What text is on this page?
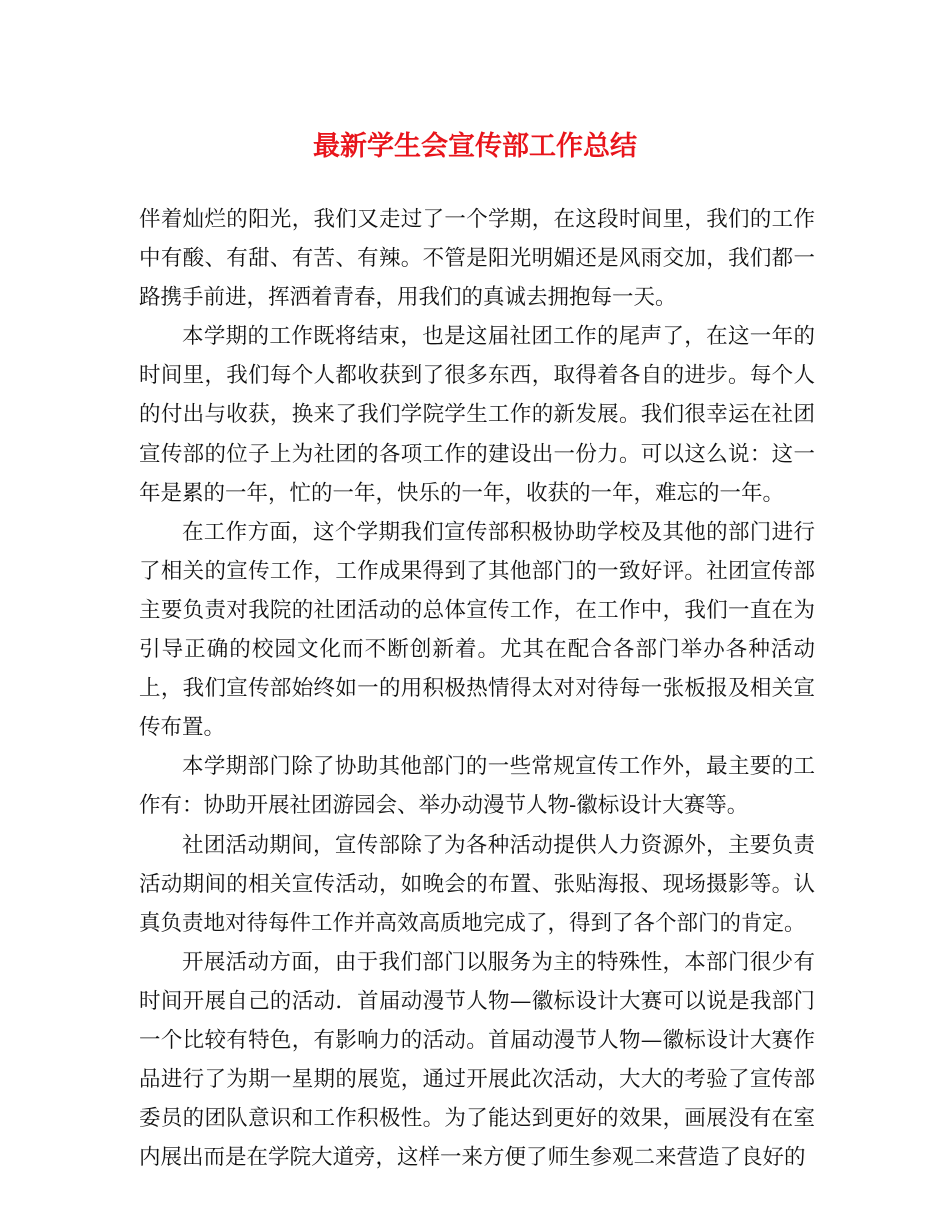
最新学生会宣传部工作总结

伴着灿烂的阳光，我们又走过了一个学期，在这段时间里，我们的工作中有酸、有甜、有苦、有辣。不管是阳光明媚还是风雨交加，我们都一路携手前进，挥洒着青春，用我们的真诚去拥抱每一天。

本学期的工作既将结束，也是这届社团工作的尾声了，在这一年的时间里，我们每个人都收获到了很多东西，取得着各自的进步。每个人的付出与收获，换来了我们学院学生工作的新发展。我们很幸运在社团宣传部的位子上为社团的各项工作的建设出一份力。可以这么说：这一年是累的一年，忙的一年，快乐的一年，收获的一年，难忘的一年。

在工作方面，这个学期我们宣传部积极协助学校及其他的部门进行了相关的宣传工作，工作成果得到了其他部门的一致好评。社团宣传部主要负责对我院的社团活动的总体宣传工作，在工作中，我们一直在为引导正确的校园文化而不断创新着。尤其在配合各部门举办各种活动上，我们宣传部始终如一的用积极热情得太对对待每一张板报及相关宣传布置。

本学期部门除了协助其他部门的一些常规宣传工作外，最主要的工作有：协助开展社团游园会、举办动漫节人物-徽标设计大赛等。

社团活动期间，宣传部除了为各种活动提供人力资源外，主要负责活动期间的相关宣传活动，如晚会的布置、张贴海报、现场摄影等。认真负责地对待每件工作并高效高质地完成了，得到了各个部门的肯定。

开展活动方面，由于我们部门以服务为主的特殊性，本部门很少有时间开展自己的活动．首届动漫节人物—徽标设计大赛可以说是我部门一个比较有特色，有影响力的活动。首届动漫节人物—徽标设计大赛作品进行了为期一星期的展览，通过开展此次活动，大大的考验了宣传部委员的团队意识和工作积极性。为了能达到更好的效果，画展没有在室内展出而是在学院大道旁，这样一来方便了师生参观二来营造了良好的
